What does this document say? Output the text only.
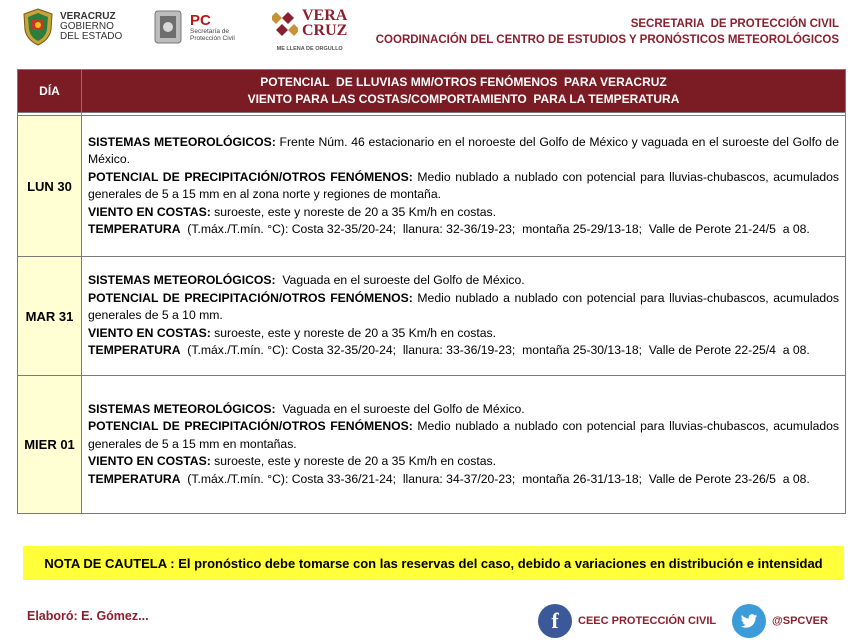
VERACRUZ
GOBIERNO
DEL ESTADO
PC
Secretaría de
Protección Civil
VERA
CRUZ
ME LLENA DE ORGULLO
SECRETARIA  DE PROTECCIÓN CIVIL
COORDINACIÓN DEL CENTRO DE ESTUDIOS Y PRONÓSTICOS METEOROLÓGICOS
DÍA	POTENCIAL  DE LLUVIAS MM/OTROS FENÓMENOS  PARA VERACRUZ
VIENTO PARA LAS COSTAS/COMPORTAMIENTO  PARA LA TEMPERATURA

LUN 30	SISTEMAS METEOROLÓGICOS: Frente Núm. 46 estacionario en el noroeste del Golfo de México y vaguada en el suroeste del Golfo de México.
POTENCIAL DE PRECIPITACIÓN/OTROS FENÓMENOS: Medio nublado a nublado con potencial para lluvias-chubascos, acumulados generales de 5 a 15 mm en al zona norte y regiones de montaña.
VIENTO EN COSTAS: suroeste, este y noreste de 20 a 35 Km/h en costas.
TEMPERATURA  (T.máx./T.mín. °C): Costa 32-35/20-24;  llanura: 32-36/19-23;  montaña 25-29/13-18;  Valle de Perote 21-24/5  a 08.

MAR 31	SISTEMAS METEOROLÓGICOS:  Vaguada en el suroeste del Golfo de México.
POTENCIAL DE PRECIPITACIÓN/OTROS FENÓMENOS: Medio nublado a nublado con potencial para lluvias-chubascos, acumulados generales de 5 a 10 mm.
VIENTO EN COSTAS: suroeste, este y noreste de 20 a 35 Km/h en costas.
TEMPERATURA  (T.máx./T.mín. °C): Costa 32-35/20-24;  llanura: 33-36/19-23;  montaña 25-30/13-18;  Valle de Perote 22-25/4  a 08.

MIER 01	SISTEMAS METEOROLÓGICOS:  Vaguada en el suroeste del Golfo de México.
POTENCIAL DE PRECIPITACIÓN/OTROS FENÓMENOS: Medio nublado a nublado con potencial para lluvias-chubascos, acumulados generales de 5 a 15 mm en montañas.
VIENTO EN COSTAS: suroeste, este y noreste de 20 a 35 Km/h en costas.
TEMPERATURA  (T.máx./T.mín. °C): Costa 33-36/21-24;  llanura: 34-37/20-23;  montaña 26-31/13-18;  Valle de Perote 23-26/5  a 08.
NOTA DE CAUTELA : El pronóstico debe tomarse con las reservas del caso, debido a variaciones en distribución e intensidad
Elaboró: E. Gómez...	f	CEEC PROTECCIÓN CIVIL	@SPCVER
